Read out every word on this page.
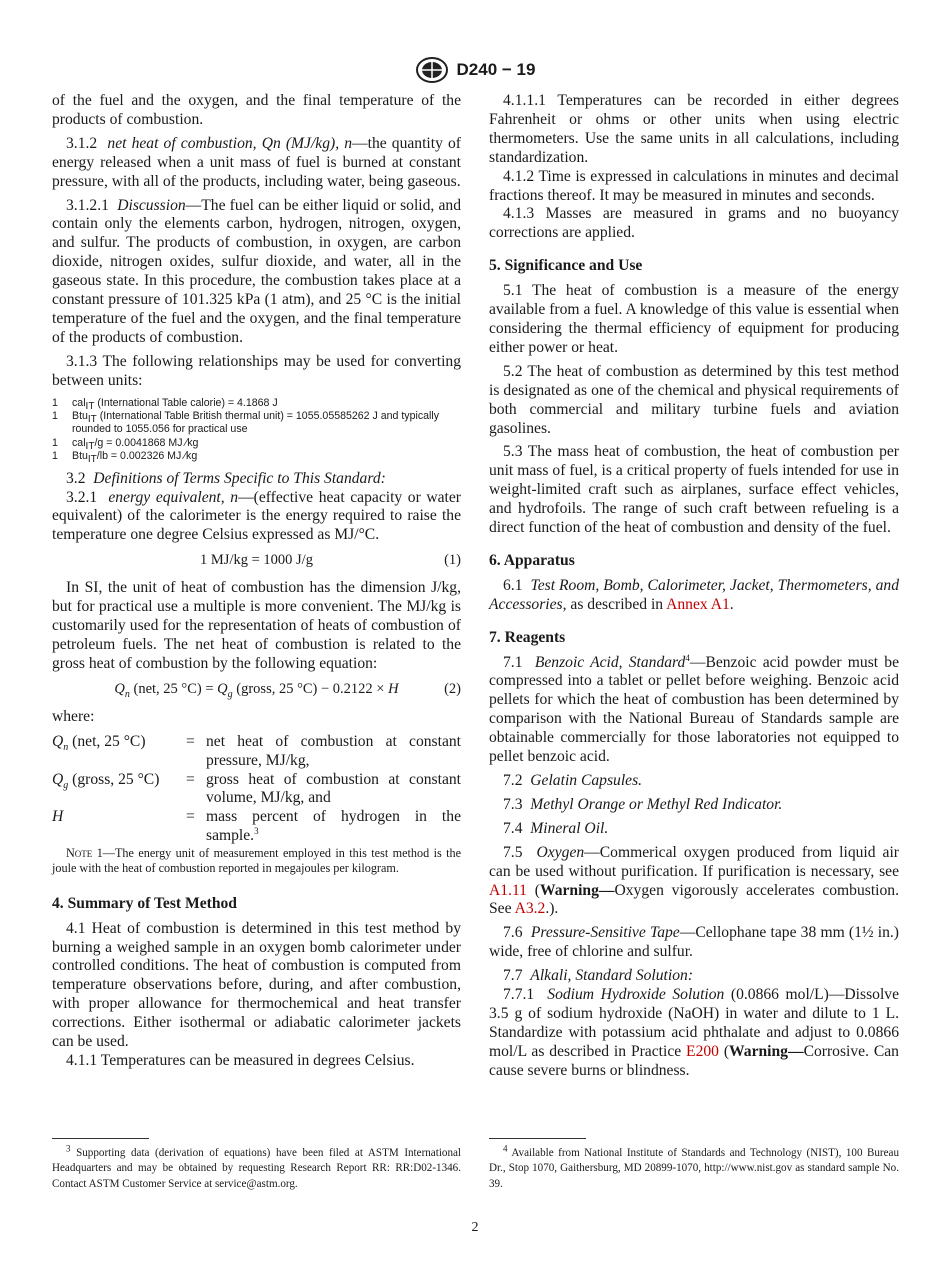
D240 − 19

of the fuel and the oxygen, and the final temperature of the products of combustion.

3.1.2 net heat of combustion, Qn (MJ/kg), n—the quantity of energy released when a unit mass of fuel is burned at constant pressure, with all of the products, including water, being gaseous.

3.1.2.1 Discussion—The fuel can be either liquid or solid, and contain only the elements carbon, hydrogen, nitrogen, oxygen, and sulfur. The products of combustion, in oxygen, are carbon dioxide, nitrogen oxides, sulfur dioxide, and water, all in the gaseous state. In this procedure, the combustion takes place at a constant pressure of 101.325 kPa (1 atm), and 25 °C is the initial temperature of the fuel and the oxygen, and the final temperature of the products of combustion.

3.1.3 The following relationships may be used for converting between units:

1	cal$_{IT}$ (International Table calorie) = 4.1868 J
1	Btu$_{IT}$ (International Table British thermal unit) = 1055.05585262 J and typically rounded to 1055.056 for practical use
1	cal$_{IT}$/g = 0.0041868 MJ ⁄kg
1	Btu$_{IT}$/lb = 0.002326 MJ ⁄kg

3.2 Definitions of Terms Specific to This Standard:

3.2.1 energy equivalent, n—(effective heat capacity or water equivalent) of the calorimeter is the energy required to raise the temperature one degree Celsius expressed as MJ/°C.

1 MJ/kg = 1000 J/g	(1)

In SI, the unit of heat of combustion has the dimension J/kg, but for practical use a multiple is more convenient. The MJ/kg is customarily used for the representation of heats of combustion of petroleum fuels. The net heat of combustion is related to the gross heat of combustion by the following equation:

$Q_n$ (net, 25 $^\circ C) = Q_g$ (gross, 25 °C) − 0.2122 × H	(2)

where:

$Q_n$ (net, 25 °C)	= net heat of combustion at constant pressure, MJ/kg,
$Q_g$ (gross, 25 °C)	= gross heat of combustion at constant volume, MJ/kg, and
H	= mass percent of hydrogen in the sample.$^3$

Note 1—The energy unit of measurement employed in this test method is the joule with the heat of combustion reported in megajoules per kilogram.

4. Summary of Test Method

4.1 Heat of combustion is determined in this test method by burning a weighed sample in an oxygen bomb calorimeter under controlled conditions. The heat of combustion is computed from temperature observations before, during, and after combustion, with proper allowance for thermochemical and heat transfer corrections. Either isothermal or adiabatic calorimeter jackets can be used.

4.1.1 Temperatures can be measured in degrees Celsius.

$^3$ Supporting data (derivation of equations) have been filed at ASTM International Headquarters and may be obtained by requesting Research Report RR: RR:D02-1346. Contact ASTM Customer Service at service@astm.org.

4.1.1.1 Temperatures can be recorded in either degrees Fahrenheit or ohms or other units when using electric thermometers. Use the same units in all calculations, including standardization.

4.1.2 Time is expressed in calculations in minutes and decimal fractions thereof. It may be measured in minutes and seconds.

4.1.3 Masses are measured in grams and no buoyancy corrections are applied.

5. Significance and Use

5.1 The heat of combustion is a measure of the energy available from a fuel. A knowledge of this value is essential when considering the thermal efficiency of equipment for producing either power or heat.

5.2 The heat of combustion as determined by this test method is designated as one of the chemical and physical requirements of both commercial and military turbine fuels and aviation gasolines.

5.3 The mass heat of combustion, the heat of combustion per unit mass of fuel, is a critical property of fuels intended for use in weight-limited craft such as airplanes, surface effect vehicles, and hydrofoils. The range of such craft between refueling is a direct function of the heat of combustion and density of the fuel.

6. Apparatus

6.1 Test Room, Bomb, Calorimeter, Jacket, Thermometers, and Accessories, as described in Annex A1.

7. Reagents

7.1 Benzoic Acid, Standard$^4$—Benzoic acid powder must be compressed into a tablet or pellet before weighing. Benzoic acid pellets for which the heat of combustion has been determined by comparison with the National Bureau of Standards sample are obtainable commercially for those laboratories not equipped to pellet benzoic acid.

7.2 Gelatin Capsules.

7.3 Methyl Orange or Methyl Red Indicator.

7.4 Mineral Oil.

7.5 Oxygen—Commerical oxygen produced from liquid air can be used without purification. If purification is necessary, see A1.11 (Warning—Oxygen vigorously accelerates combustion. See A3.2.).

7.6 Pressure-Sensitive Tape—Cellophane tape 38 mm (1½ in.) wide, free of chlorine and sulfur.

7.7 Alkali, Standard Solution:

7.7.1 Sodium Hydroxide Solution (0.0866 mol/L)—Dissolve 3.5 g of sodium hydroxide (NaOH) in water and dilute to 1 L. Standardize with potassium acid phthalate and adjust to 0.0866 mol/L as described in Practice E200 (Warning—Corrosive. Can cause severe burns or blindness.

$^4$ Available from National Institute of Standards and Technology (NIST), 100 Bureau Dr., Stop 1070, Gaithersburg, MD 20899-1070, http://www.nist.gov as standard sample No. 39.
2
